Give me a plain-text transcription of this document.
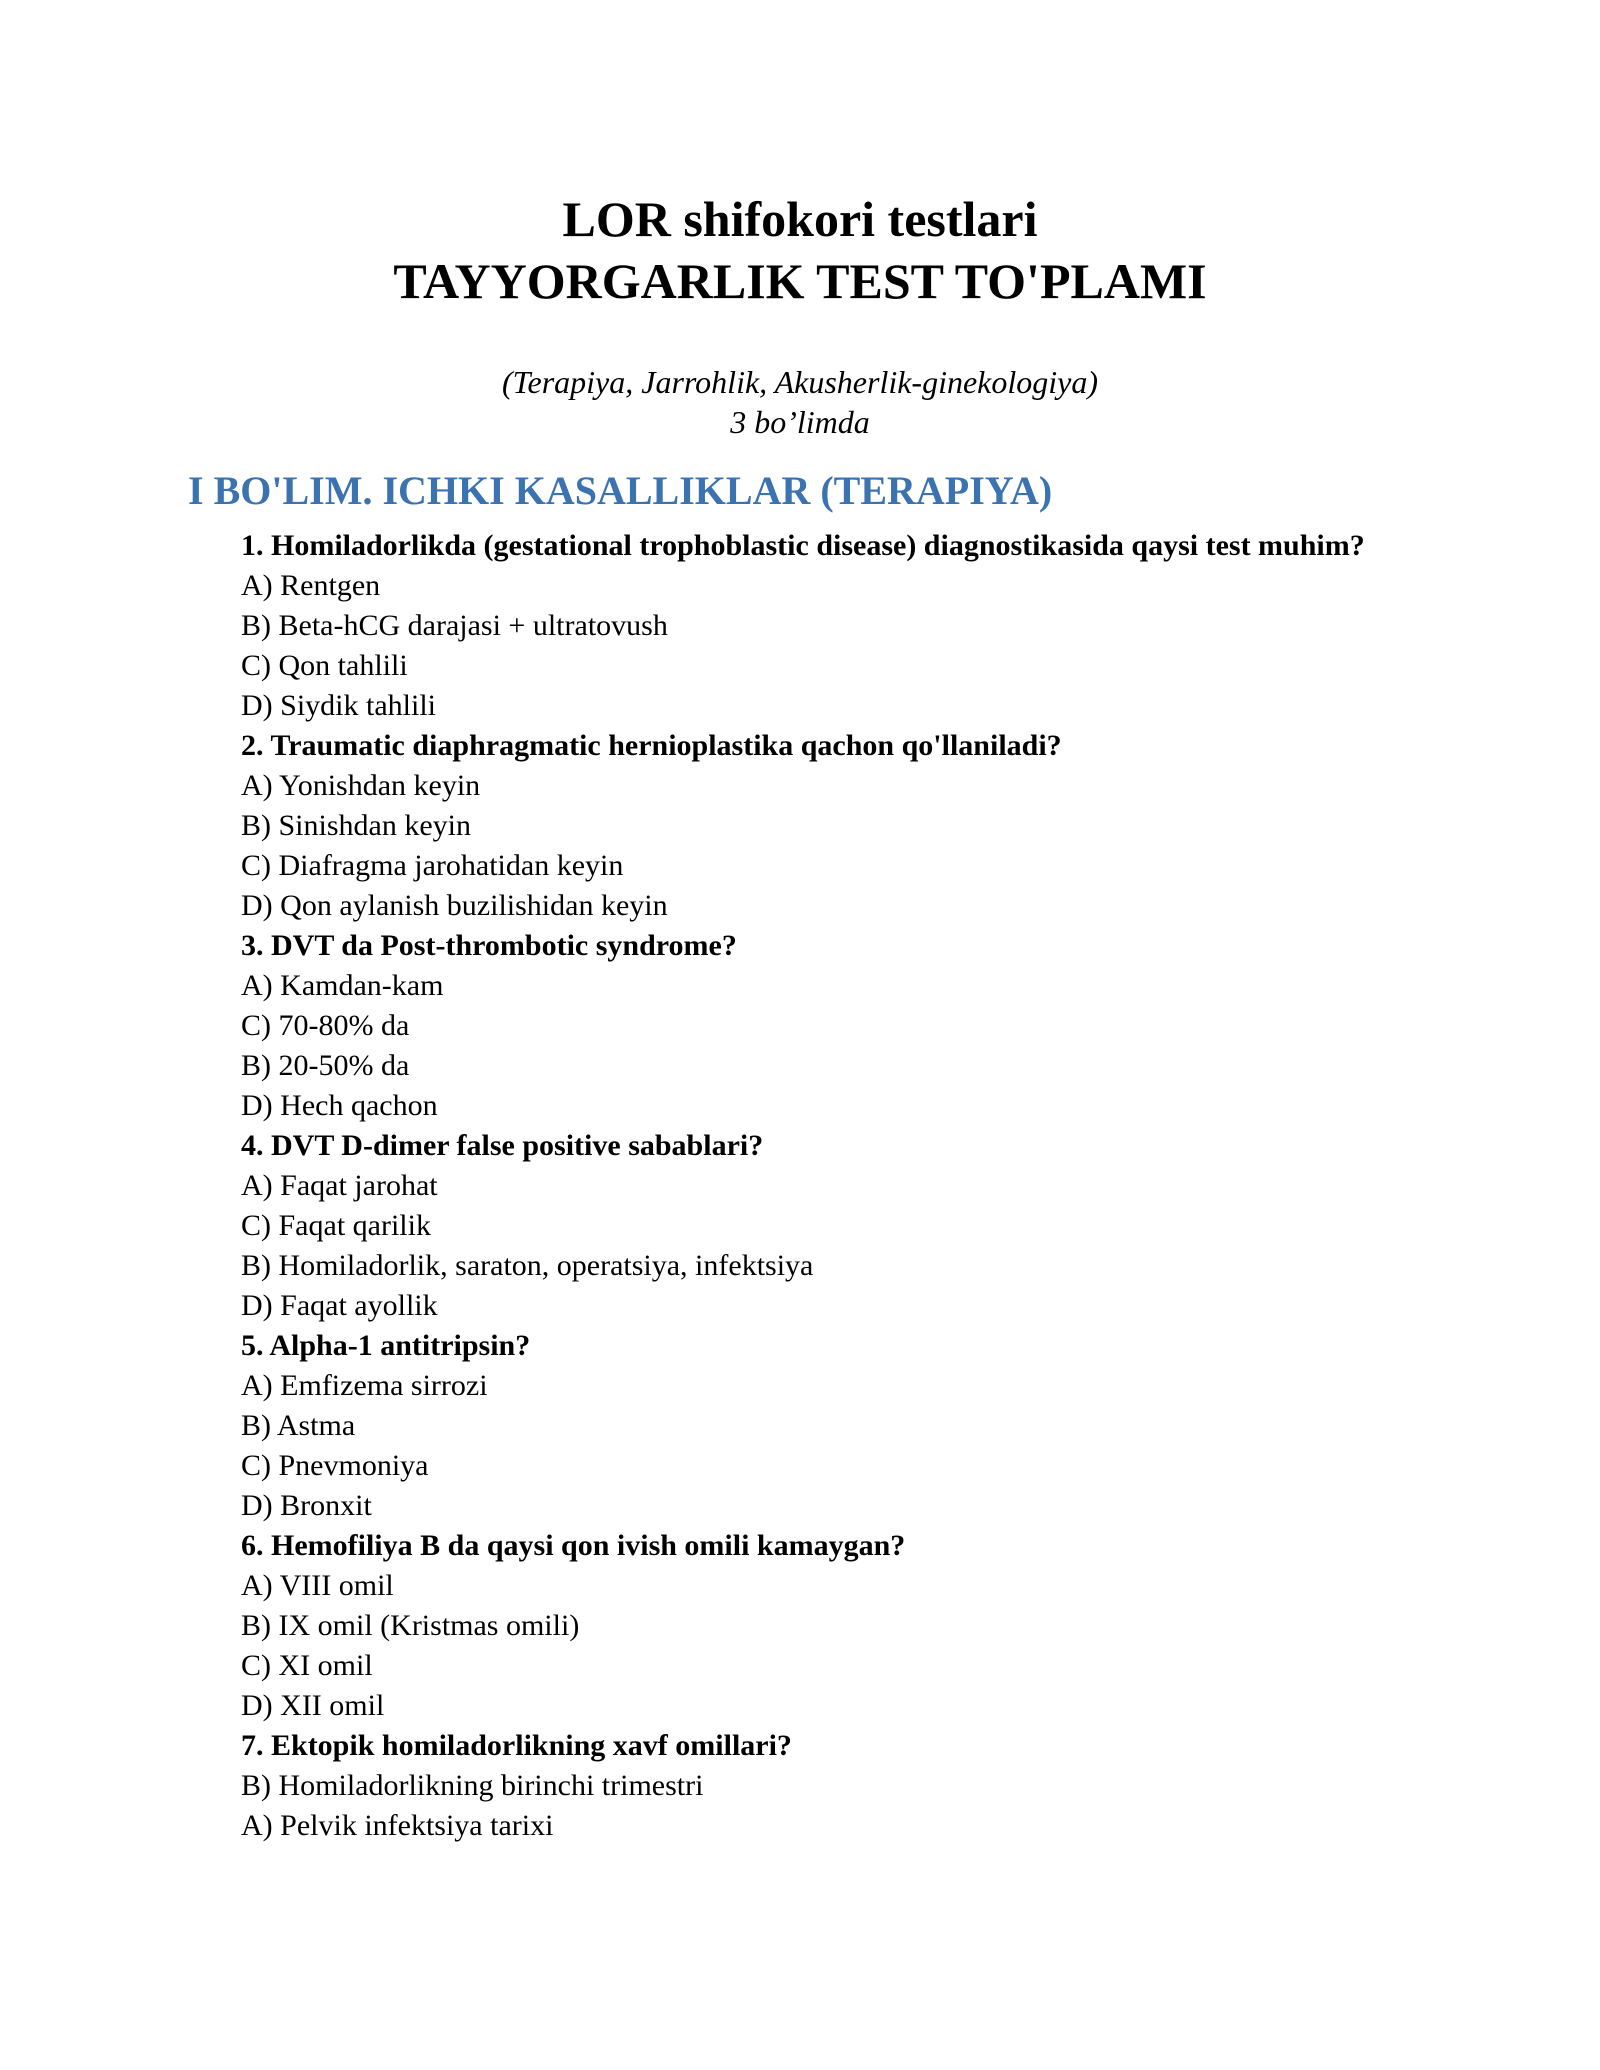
LOR shifokori testlari

TAYYORGARLIK TEST TO'PLAMI

(Terapiya, Jarrohlik, Akusherlik-ginekologiya)

3 bo’limda

I BO'LIM. ICHKI KASALLIKLAR (TERAPIYA)

1. Homiladorlikda (gestational trophoblastic disease) diagnostikasida qaysi test muhim?

A) Rentgen

B) Beta-hCG darajasi + ultratovush

C) Qon tahlili

D) Siydik tahlili

2. Traumatic diaphragmatic hernioplastika qachon qo'llaniladi?

A) Yonishdan keyin

B) Sinishdan keyin

C) Diafragma jarohatidan keyin

D) Qon aylanish buzilishidan keyin

3. DVT da Post-thrombotic syndrome?

A) Kamdan-kam

C) 70-80% da

B) 20-50% da

D) Hech qachon

4. DVT D-dimer false positive sabablari?

A) Faqat jarohat

C) Faqat qarilik

B) Homiladorlik, saraton, operatsiya, infektsiya

D) Faqat ayollik

5. Alpha-1 antitripsin?

A) Emfizema sirrozi

B) Astma

C) Pnevmoniya

D) Bronxit

6. Hemofiliya B da qaysi qon ivish omili kamaygan?

A) VIII omil

B) IX omil (Kristmas omili)

C) XI omil

D) XII omil

7. Ektopik homiladorlikning xavf omillari?

B) Homiladorlikning birinchi trimestri

A) Pelvik infektsiya tarixi
